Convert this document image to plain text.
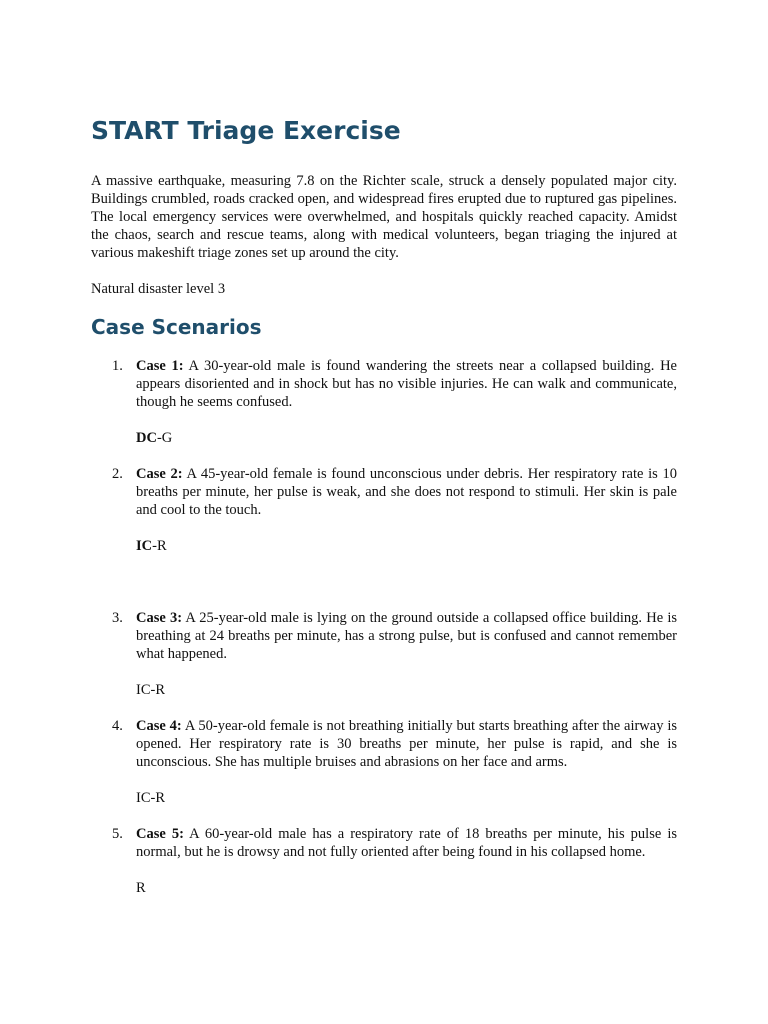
START Triage Exercise

A massive earthquake, measuring 7.8 on the Richter scale, struck a densely populated major city. Buildings crumbled, roads cracked open, and widespread fires erupted due to ruptured gas pipelines. The local emergency services were overwhelmed, and hospitals quickly reached capacity. Amidst the chaos, search and rescue teams, along with medical volunteers, began triaging the injured at various makeshift triage zones set up around the city.

Natural disaster level 3

Case Scenarios
1. Case 1: A 30-year-old male is found wandering the streets near a collapsed building. He appears disoriented and in shock but has no visible injuries. He can walk and communicate, though he seems confused.

DC-G

2. Case 2: A 45-year-old female is found unconscious under debris. Her respiratory rate is 10 breaths per minute, her pulse is weak, and she does not respond to stimuli. Her skin is pale and cool to the touch.

IC-R

3. Case 3: A 25-year-old male is lying on the ground outside a collapsed office building. He is breathing at 24 breaths per minute, has a strong pulse, but is confused and cannot remember what happened.

IC-R

4. Case 4: A 50-year-old female is not breathing initially but starts breathing after the airway is opened. Her respiratory rate is 30 breaths per minute, her pulse is rapid, and she is unconscious. She has multiple bruises and abrasions on her face and arms.

IC-R

5. Case 5: A 60-year-old male has a respiratory rate of 18 breaths per minute, his pulse is normal, but he is drowsy and not fully oriented after being found in his collapsed home.

R
